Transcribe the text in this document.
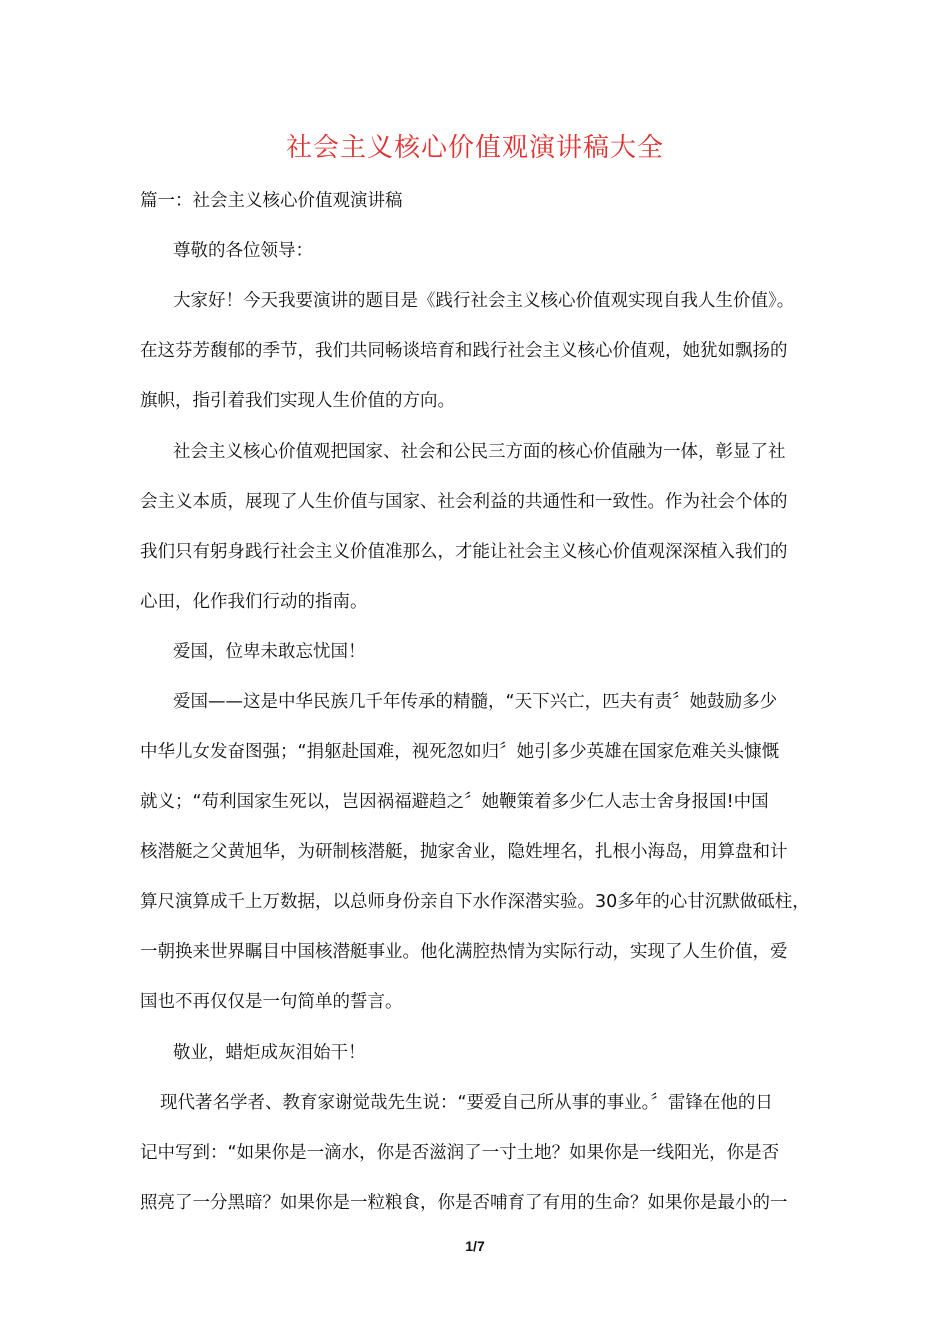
社会主义核心价值观演讲稿大全
篇一：社会主义核心价值观演讲稿
尊敬的各位领导：
大家好！今天我要演讲的题目是《践行社会主义核心价值观实现自我人生价值》。
在这芬芳馥郁的季节，我们共同畅谈培育和践行社会主义核心价值观，她犹如飘扬的
旗帜，指引着我们实现人生价值的方向。
社会主义核心价值观把国家、社会和公民三方面的核心价值融为一体，彰显了社
会主义本质，展现了人生价值与国家、社会利益的共通性和一致性。作为社会个体的
我们只有躬身践行社会主义价值准那么，才能让社会主义核心价值观深深植入我们的
心田，化作我们行动的指南。
爱国，位卑未敢忘忧国！
爱国——这是中华民族几千年传承的精髓，“天下兴亡，匹夫有责〞她鼓励多少
中华儿女发奋图强；“捐躯赴国难，视死忽如归〞她引多少英雄在国家危难关头慷慨
就义；“苟利国家生死以，岂因祸福避趋之〞她鞭策着多少仁人志士舍身报国!中国
核潜艇之父黄旭华，为研制核潜艇，抛家舍业，隐姓埋名，扎根小海岛，用算盘和计
算尺演算成千上万数据，以总师身份亲自下水作深潜实验。30多年的心甘沉默做砥柱，
一朝换来世界瞩目中国核潜艇事业。他化满腔热情为实际行动，实现了人生价值，爱
国也不再仅仅是一句简单的誓言。
敬业，蜡炬成灰泪始干！
现代著名学者、教育家谢觉哉先生说：“要爱自己所从事的事业。〞雷锋在他的日
记中写到：“如果你是一滴水，你是否滋润了一寸土地？如果你是一线阳光，你是否
照亮了一分黑暗？如果你是一粒粮食，你是否哺育了有用的生命？如果你是最小的一
1/7
